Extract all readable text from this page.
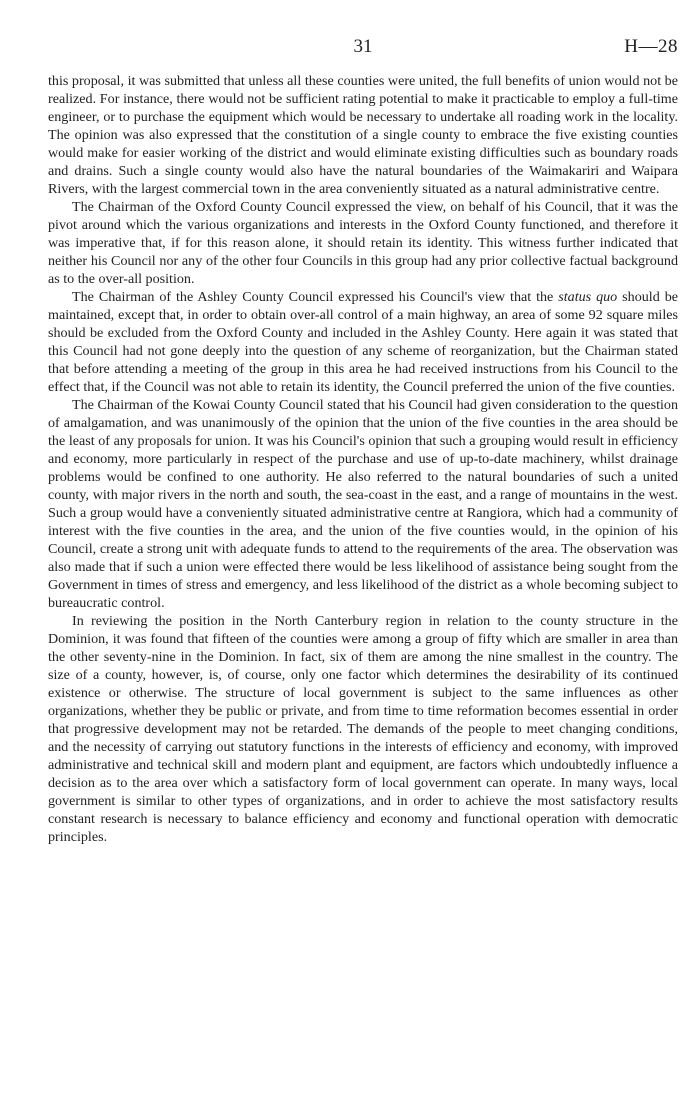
31	H—28

this proposal, it was submitted that unless all these counties were united, the full benefits of union would not be realized. For instance, there would not be sufficient rating potential to make it practicable to employ a full-time engineer, or to purchase the equipment which would be necessary to undertake all roading work in the locality. The opinion was also expressed that the constitution of a single county to embrace the five existing counties would make for easier working of the district and would eliminate existing difficulties such as boundary roads and drains. Such a single county would also have the natural boundaries of the Waimakariri and Waipara Rivers, with the largest commercial town in the area conveniently situated as a natural administrative centre.

The Chairman of the Oxford County Council expressed the view, on behalf of his Council, that it was the pivot around which the various organizations and interests in the Oxford County functioned, and therefore it was imperative that, if for this reason alone, it should retain its identity. This witness further indicated that neither his Council nor any of the other four Councils in this group had any prior collective factual background as to the over-all position.

The Chairman of the Ashley County Council expressed his Council's view that the status quo should be maintained, except that, in order to obtain over-all control of a main highway, an area of some 92 square miles should be excluded from the Oxford County and included in the Ashley County. Here again it was stated that this Council had not gone deeply into the question of any scheme of reorganization, but the Chairman stated that before attending a meeting of the group in this area he had received instructions from his Council to the effect that, if the Council was not able to retain its identity, the Council preferred the union of the five counties.

The Chairman of the Kowai County Council stated that his Council had given consideration to the question of amalgamation, and was unanimously of the opinion that the union of the five counties in the area should be the least of any proposals for union. It was his Council's opinion that such a grouping would result in efficiency and economy, more particularly in respect of the purchase and use of up-to-date machinery, whilst drainage problems would be confined to one authority. He also referred to the natural boundaries of such a united county, with major rivers in the north and south, the sea-coast in the east, and a range of mountains in the west. Such a group would have a conveniently situated administrative centre at Rangiora, which had a community of interest with the five counties in the area, and the union of the five counties would, in the opinion of his Council, create a strong unit with adequate funds to attend to the requirements of the area. The observation was also made that if such a union were effected there would be less likelihood of assistance being sought from the Government in times of stress and emergency, and less likelihood of the district as a whole becoming subject to bureaucratic control.

In reviewing the position in the North Canterbury region in relation to the county structure in the Dominion, it was found that fifteen of the counties were among a group of fifty which are smaller in area than the other seventy-nine in the Dominion. In fact, six of them are among the nine smallest in the country. The size of a county, however, is, of course, only one factor which determines the desirability of its continued existence or otherwise. The structure of local government is subject to the same influences as other organizations, whether they be public or private, and from time to time reformation becomes essential in order that progressive development may not be retarded. The demands of the people to meet changing conditions, and the necessity of carrying out statutory functions in the interests of efficiency and economy, with improved administrative and technical skill and modern plant and equipment, are factors which undoubtedly influence a decision as to the area over which a satisfactory form of local government can operate. In many ways, local government is similar to other types of organizations, and in order to achieve the most satisfactory results constant research is necessary to balance efficiency and economy and functional operation with democratic principles.
